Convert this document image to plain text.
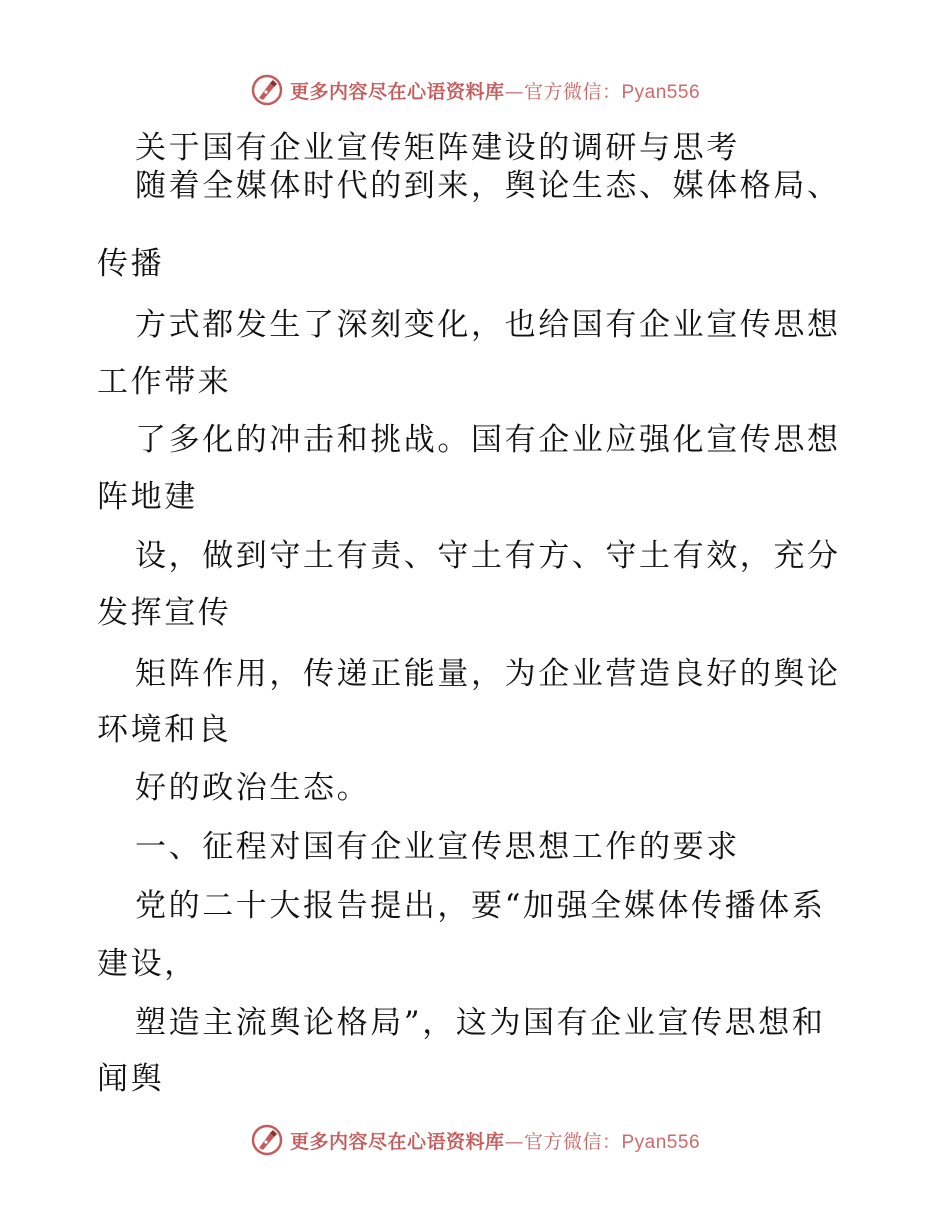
更多内容尽在心语资料库—官方微信：Pyan556
关于国有企业宣传矩阵建设的调研与思考
随着全媒体时代的到来，舆论生态、媒体格局、
传播
方式都发生了深刻变化，也给国有企业宣传思想
工作带来
了多化的冲击和挑战。国有企业应强化宣传思想
阵地建
设，做到守土有责、守土有方、守土有效，充分
发挥宣传
矩阵作用，传递正能量，为企业营造良好的舆论
环境和良
好的政治生态。
一、征程对国有企业宣传思想工作的要求
党的二十大报告提出，要“加强全媒体传播体系
建设，
塑造主流舆论格局”，这为国有企业宣传思想和
闻舆
更多内容尽在心语资料库—官方微信：Pyan556
